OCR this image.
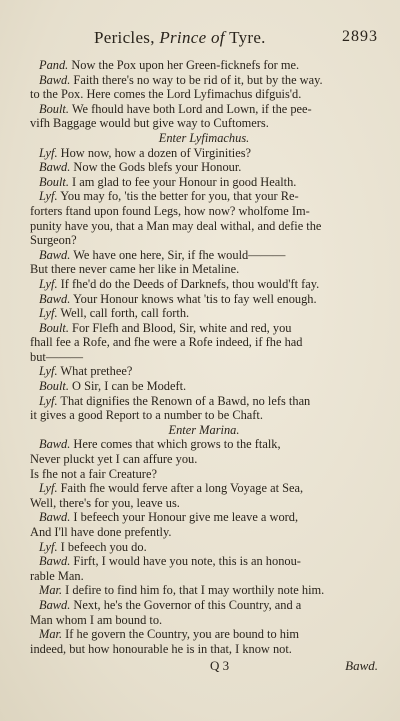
Pericles, Prince of Tyre.	2893
Pand. Now the Pox upon her Green-ficknefs for me.
Bawd. Faith there's no way to be rid of it, but by the way.
to the Pox. Here comes the Lord Lyfimachus difguis'd.
Boult. We fhould have both Lord and Lown, if the pee-
vifh Baggage would but give way to Cuftomers.
Enter Lyfimachus.
Lyf. How now, how a dozen of Virginities?
Bawd. Now the Gods blefs your Honour.
Boult. I am glad to fee your Honour in good Health.
Lyf. You may fo, 'tis the better for you, that your Re-
forters ftand upon found Legs, how now? wholfome Im-
punity have you, that a Man may deal withal, and defie the
Surgeon?
Bawd. We have one here, Sir, if fhe would———
But there never came her like in Metaline.
Lyf. If fhe'd do the Deeds of Darknefs, thou would'ft fay.
Bawd. Your Honour knows what 'tis to fay well enough.
Lyf. Well, call forth, call forth.
Boult. For Flefh and Blood, Sir, white and red, you
fhall fee a Rofe, and fhe were a Rofe indeed, if fhe had
but———
Lyf. What prethee?
Boult. O Sir, I can be Modeft.
Lyf. That dignifies the Renown of a Bawd, no lefs than
it gives a good Report to a number to be Chaft.
Enter Marina.
Bawd. Here comes that which grows to the ftalk,
Never pluckt yet I can affure you.
Is fhe not a fair Creature?
Lyf. Faith fhe would ferve after a long Voyage at Sea,
Well, there's for you, leave us.
Bawd. I befeech your Honour give me leave a word,
And I'll have done prefently.
Lyf. I befeech you do.
Bawd. Firft, I would have you note, this is an honou-
rable Man.
Mar. I defire to find him fo, that I may worthily note him.
Bawd. Next, he's the Governor of this Country, and a
Man whom I am bound to.
Mar. If he govern the Country, you are bound to him
indeed, but how honourable he is in that, I know not.
Q 3	Bawd.
